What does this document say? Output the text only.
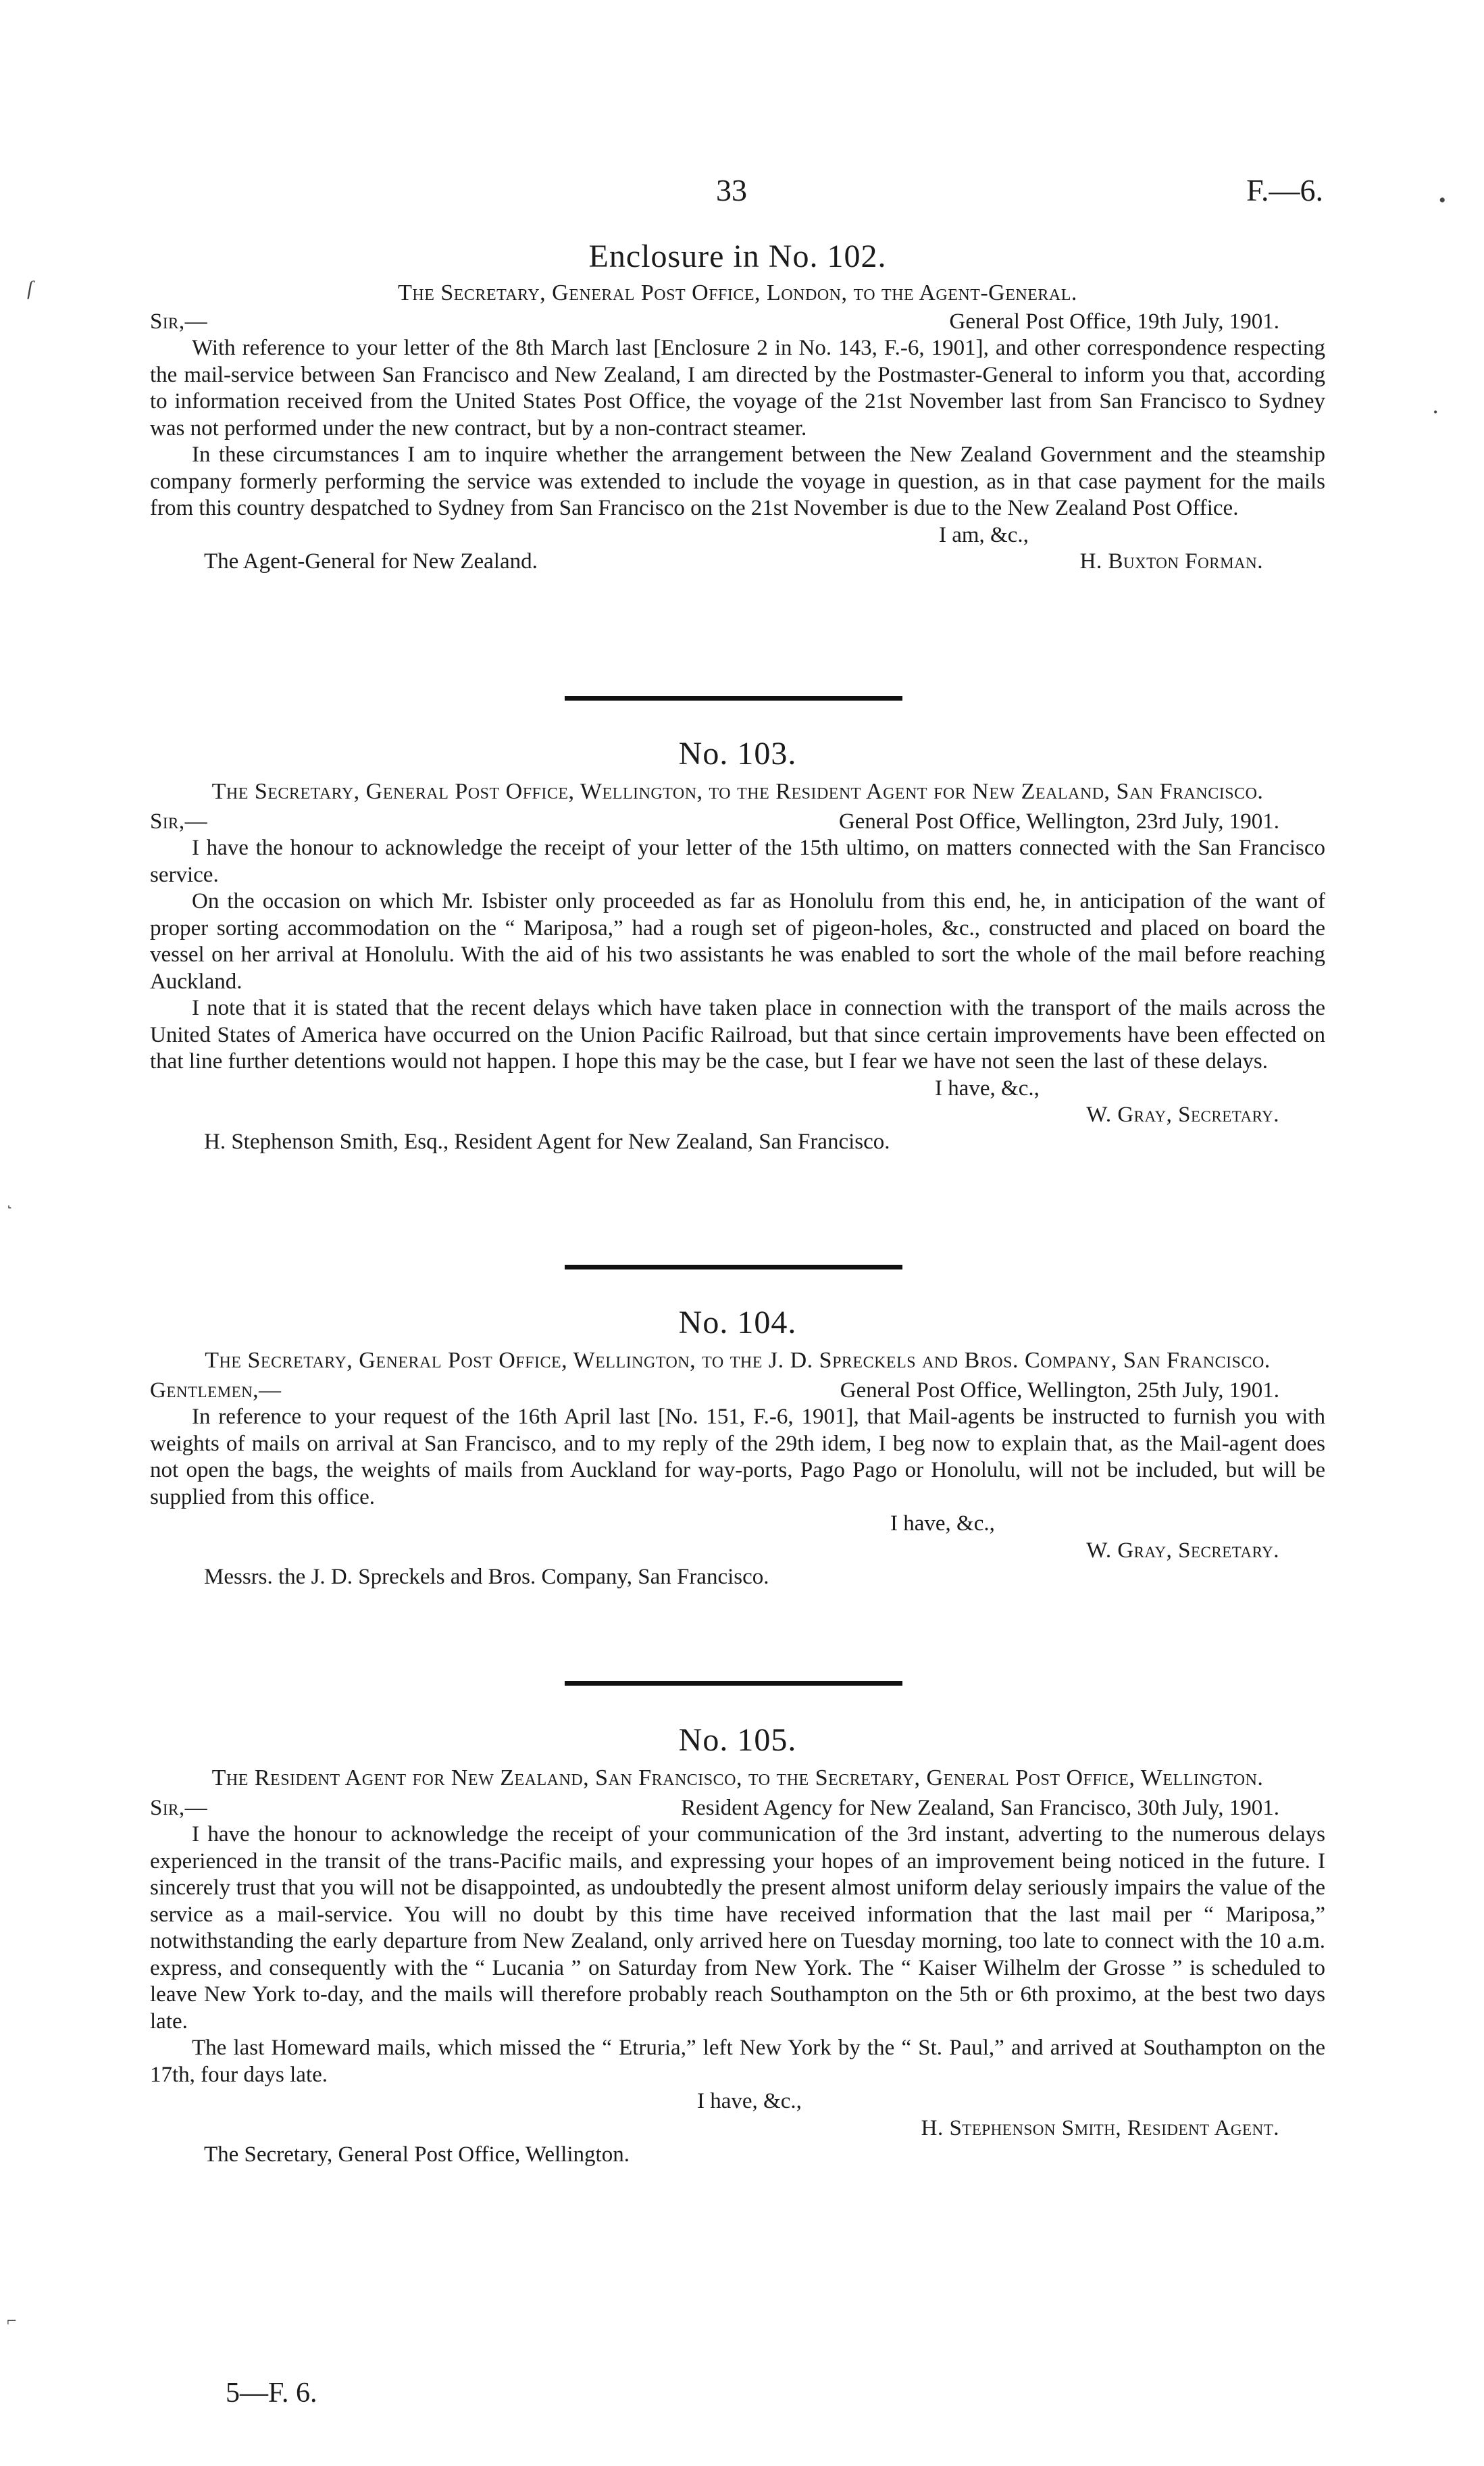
33	F.—6.
Enclosure in No. 102.
The Secretary, General Post Office, London, to the Agent-General.
Sir,—	General Post Office, 19th July, 1901.

With reference to your letter of the 8th March last [Enclosure 2 in No. 143, F.-6, 1901], and other correspondence respecting the mail-service between San Francisco and New Zealand, I am directed by the Postmaster-General to inform you that, according to information received from the United States Post Office, the voyage of the 21st November last from San Francisco to Sydney was not performed under the new contract, but by a non-contract steamer.

In these circumstances I am to inquire whether the arrangement between the New Zealand Government and the steamship company formerly performing the service was extended to include the voyage in question, as in that case payment for the mails from this country despatched to Sydney from San Francisco on the 21st November is due to the New Zealand Post Office.

I am, &c.,
The Agent-General for New Zealand.	H. Buxton Forman.
No. 103.
The Secretary, General Post Office, Wellington, to the Resident Agent for New Zealand, San Francisco.
Sir,—	General Post Office, Wellington, 23rd July, 1901.

I have the honour to acknowledge the receipt of your letter of the 15th ultimo, on matters connected with the San Francisco service.

On the occasion on which Mr. Isbister only proceeded as far as Honolulu from this end, he, in anticipation of the want of proper sorting accommodation on the “ Mariposa,” had a rough set of pigeon-holes, &c., constructed and placed on board the vessel on her arrival at Honolulu. With the aid of his two assistants he was enabled to sort the whole of the mail before reaching Auckland.

I note that it is stated that the recent delays which have taken place in connection with the transport of the mails across the United States of America have occurred on the Union Pacific Railroad, but that since certain improvements have been effected on that line further detentions would not happen. I hope this may be the case, but I fear we have not seen the last of these delays.

I have, &c.,
W. Gray, Secretary.
H. Stephenson Smith, Esq., Resident Agent for New Zealand, San Francisco.
No. 104.
The Secretary, General Post Office, Wellington, to the J. D. Spreckels and Bros. Company, San Francisco.
Gentlemen,—	General Post Office, Wellington, 25th July, 1901.

In reference to your request of the 16th April last [No. 151, F.-6, 1901], that Mail-agents be instructed to furnish you with weights of mails on arrival at San Francisco, and to my reply of the 29th idem, I beg now to explain that, as the Mail-agent does not open the bags, the weights of mails from Auckland for way-ports, Pago Pago or Honolulu, will not be included, but will be supplied from this office.

I have, &c.,
W. Gray, Secretary.
Messrs. the J. D. Spreckels and Bros. Company, San Francisco.
No. 105.
The Resident Agent for New Zealand, San Francisco, to the Secretary, General Post Office, Wellington.
Sir,—	Resident Agency for New Zealand, San Francisco, 30th July, 1901.

I have the honour to acknowledge the receipt of your communication of the 3rd instant, adverting to the numerous delays experienced in the transit of the trans-Pacific mails, and expressing your hopes of an improvement being noticed in the future. I sincerely trust that you will not be disappointed, as undoubtedly the present almost uniform delay seriously impairs the value of the service as a mail-service. You will no doubt by this time have received information that the last mail per “ Mariposa,” notwithstanding the early departure from New Zealand, only arrived here on Tuesday morning, too late to connect with the 10 a.m. express, and consequently with the “ Lucania ” on Saturday from New York. The “ Kaiser Wilhelm der Grosse ” is scheduled to leave New York to-day, and the mails will therefore probably reach Southampton on the 5th or 6th proximo, at the best two days late.

The last Homeward mails, which missed the “ Etruria,” left New York by the “ St. Paul,” and arrived at Southampton on the 17th, four days late.

I have, &c.,
H. Stephenson Smith, Resident Agent.
The Secretary, General Post Office, Wellington.
5—F. 6.
•
•
ſ
˻
⌐
